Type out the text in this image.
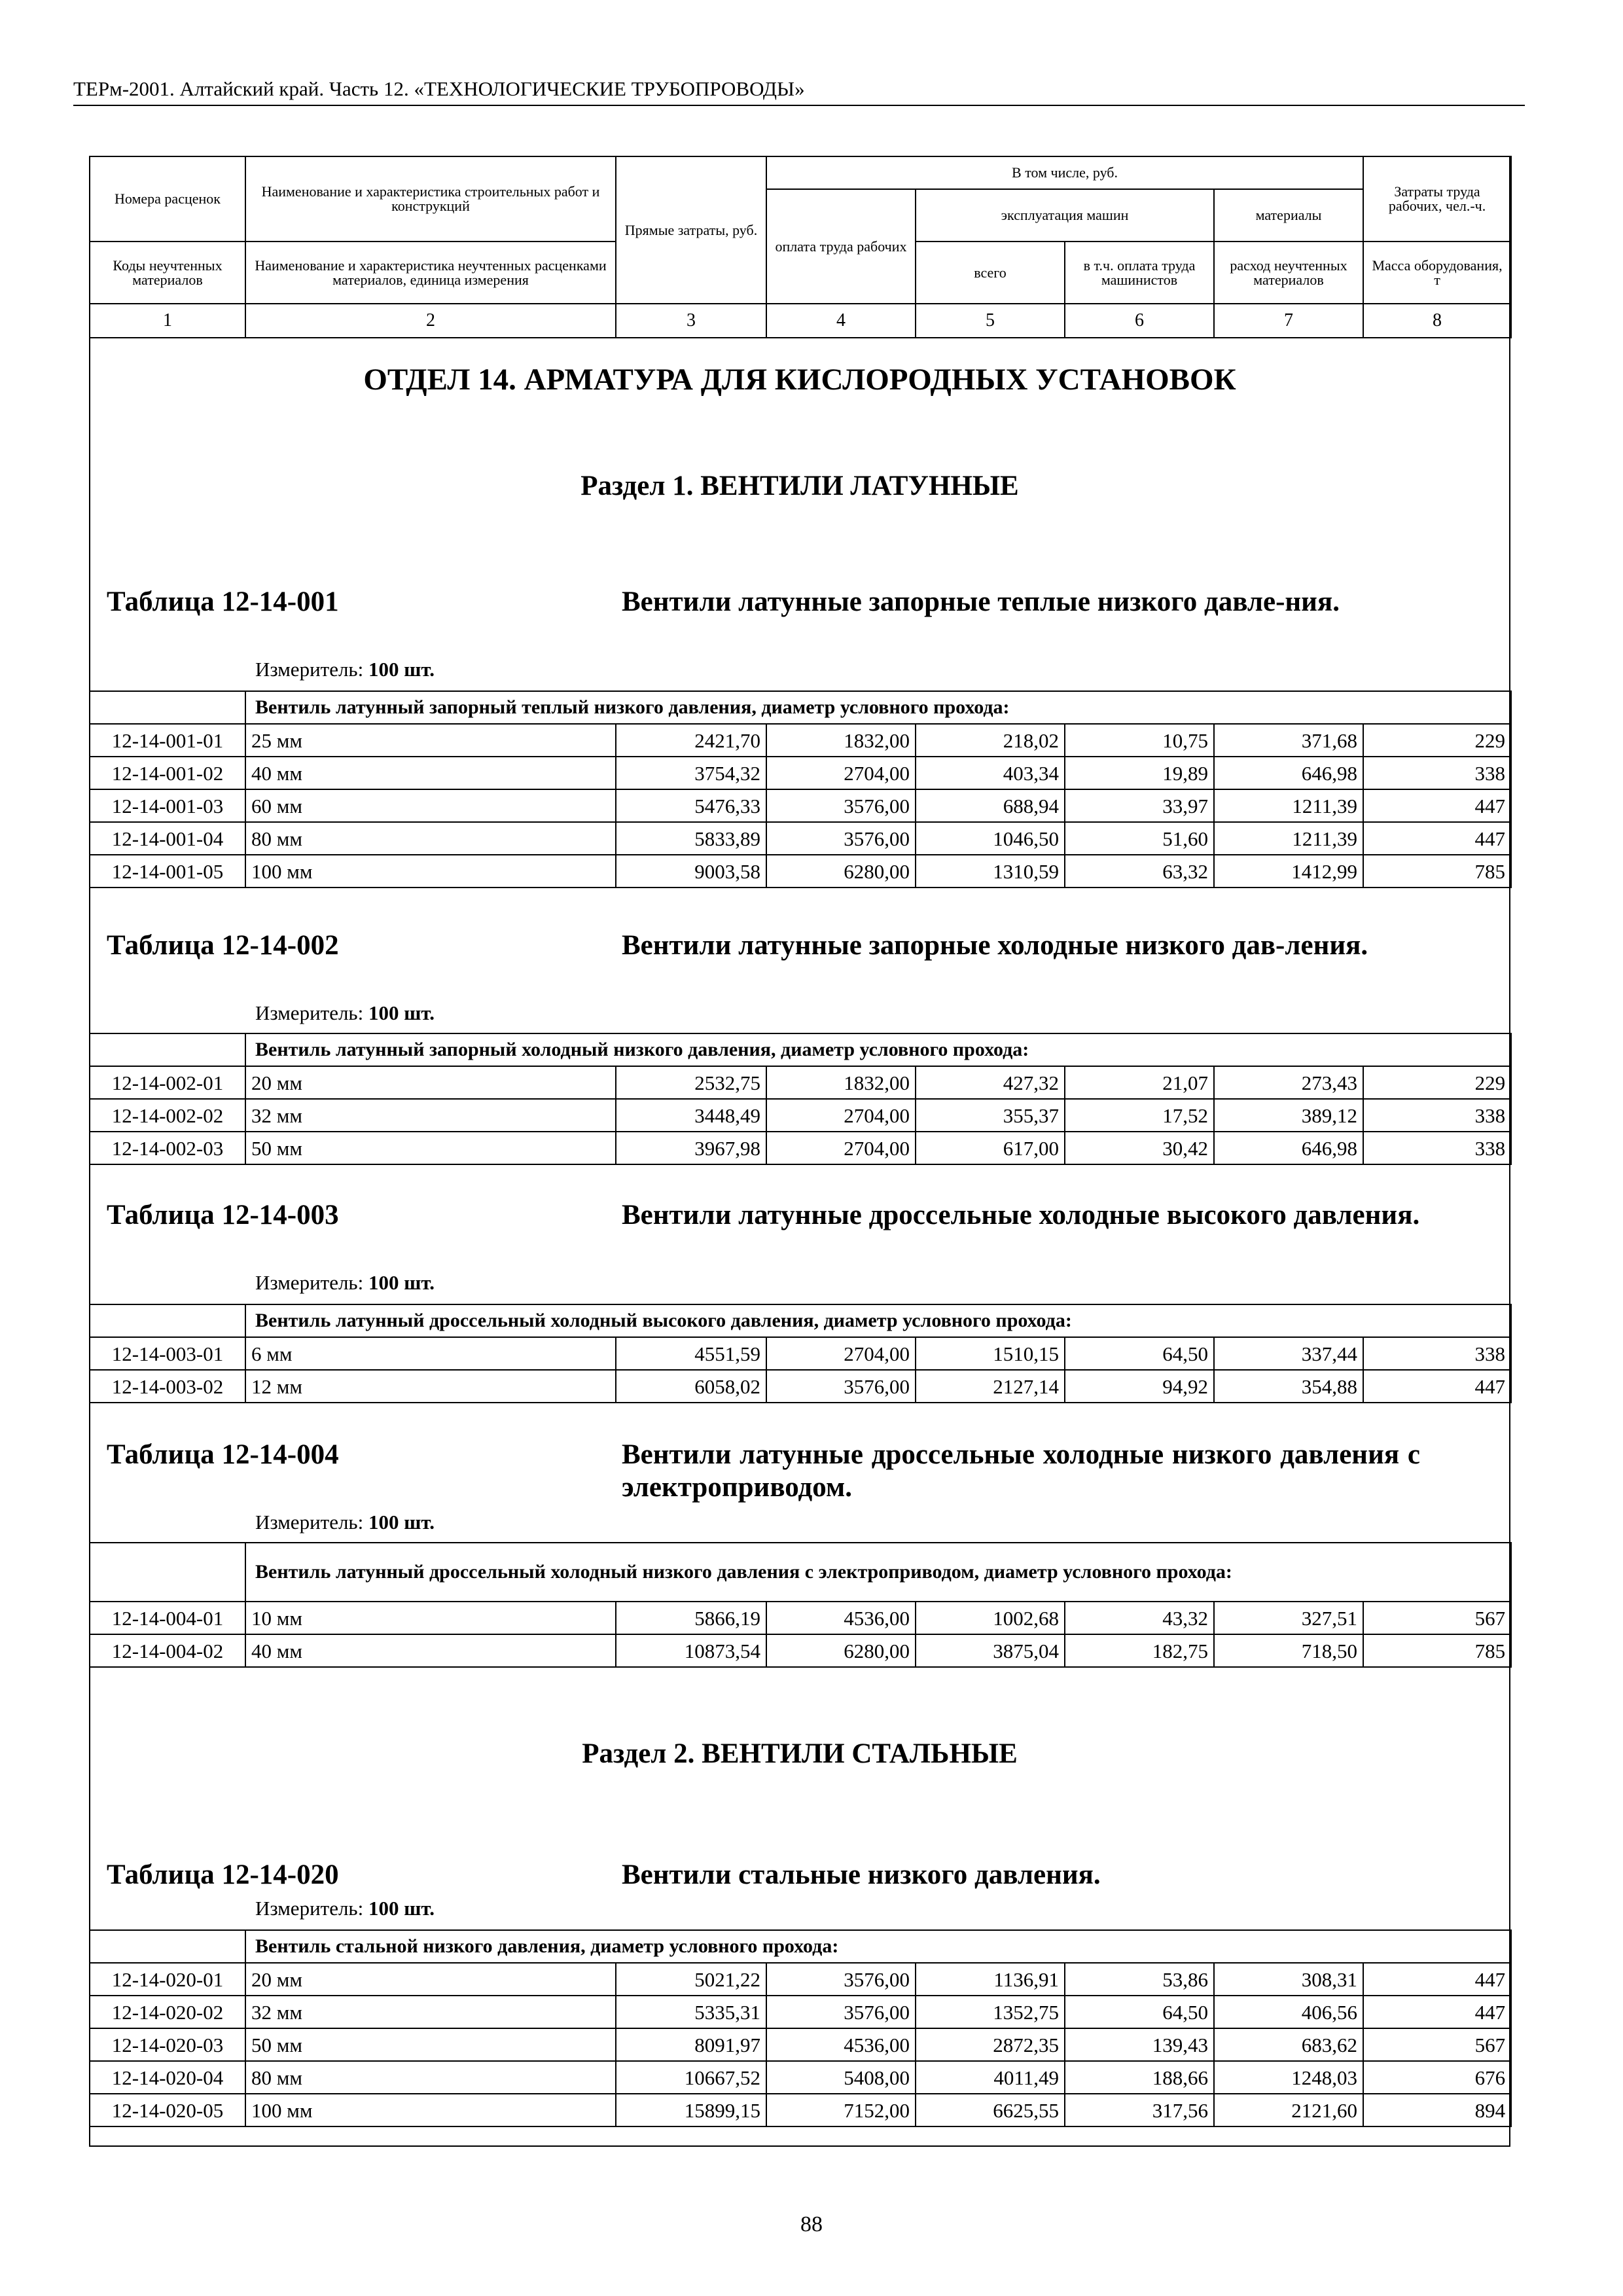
ТЕРм-2001. Алтайский край. Часть 12. «ТЕХНОЛОГИЧЕСКИЕ ТРУБОПРОВОДЫ»
Номера расценок	Наименование и характеристика строительных работ и конструкций	Прямые затраты, руб.	В том числе, руб.				Затраты труда рабочих, чел.-ч.
			оплата труда рабочих	эксплуатация машин		материалы	
Коды неучтенных материалов	Наименование и характеристика неучтенных расценками материалов, единица измерения			всего	в т.ч. оплата труда машинистов	расход неучтенных материалов	Масса оборудования, т
1	2	3	4	5	6	7	8
ОТДЕЛ 14. АРМАТУРА ДЛЯ КИСЛОРОДНЫХ УСТАНОВОК
Раздел 1. ВЕНТИЛИ ЛАТУННЫЕ
Таблица 12-14-001	Вентили латунные запорные теплые низкого давле-ния.
Измеритель: 100 шт.
	Вентиль латунный запорный теплый низкого давления, диаметр условного прохода:						
12-14-001-01	25 мм	2421,70	1832,00	218,02	10,75	371,68	229
12-14-001-02	40 мм	3754,32	2704,00	403,34	19,89	646,98	338
12-14-001-03	60 мм	5476,33	3576,00	688,94	33,97	1211,39	447
12-14-001-04	80 мм	5833,89	3576,00	1046,50	51,60	1211,39	447
12-14-001-05	100 мм	9003,58	6280,00	1310,59	63,32	1412,99	785
Таблица 12-14-002	Вентили латунные запорные холодные низкого дав-ления.
Измеритель: 100 шт.
	Вентиль латунный запорный холодный низкого давления, диаметр условного прохода:						
12-14-002-01	20 мм	2532,75	1832,00	427,32	21,07	273,43	229
12-14-002-02	32 мм	3448,49	2704,00	355,37	17,52	389,12	338
12-14-002-03	50 мм	3967,98	2704,00	617,00	30,42	646,98	338
Таблица 12-14-003	Вентили латунные дроссельные холодные высокого давления.
Измеритель: 100 шт.
	Вентиль латунный дроссельный холодный высокого давления, диаметр условного прохода:						
12-14-003-01	6 мм	4551,59	2704,00	1510,15	64,50	337,44	338
12-14-003-02	12 мм	6058,02	3576,00	2127,14	94,92	354,88	447
Таблица 12-14-004	Вентили латунные дроссельные холодные низкого давления с электроприводом.
Измеритель: 100 шт.
	Вентиль латунный дроссельный холодный низкого давления с электроприводом, диаметр условного прохода:						
12-14-004-01	10 мм	5866,19	4536,00	1002,68	43,32	327,51	567
12-14-004-02	40 мм	10873,54	6280,00	3875,04	182,75	718,50	785
Раздел 2. ВЕНТИЛИ СТАЛЬНЫЕ
Таблица 12-14-020	Вентили стальные низкого давления.
Измеритель: 100 шт.
	Вентиль стальной низкого давления, диаметр условного прохода:						
12-14-020-01	20 мм	5021,22	3576,00	1136,91	53,86	308,31	447
12-14-020-02	32 мм	5335,31	3576,00	1352,75	64,50	406,56	447
12-14-020-03	50 мм	8091,97	4536,00	2872,35	139,43	683,62	567
12-14-020-04	80 мм	10667,52	5408,00	4011,49	188,66	1248,03	676
12-14-020-05	100 мм	15899,15	7152,00	6625,55	317,56	2121,60	894
88
